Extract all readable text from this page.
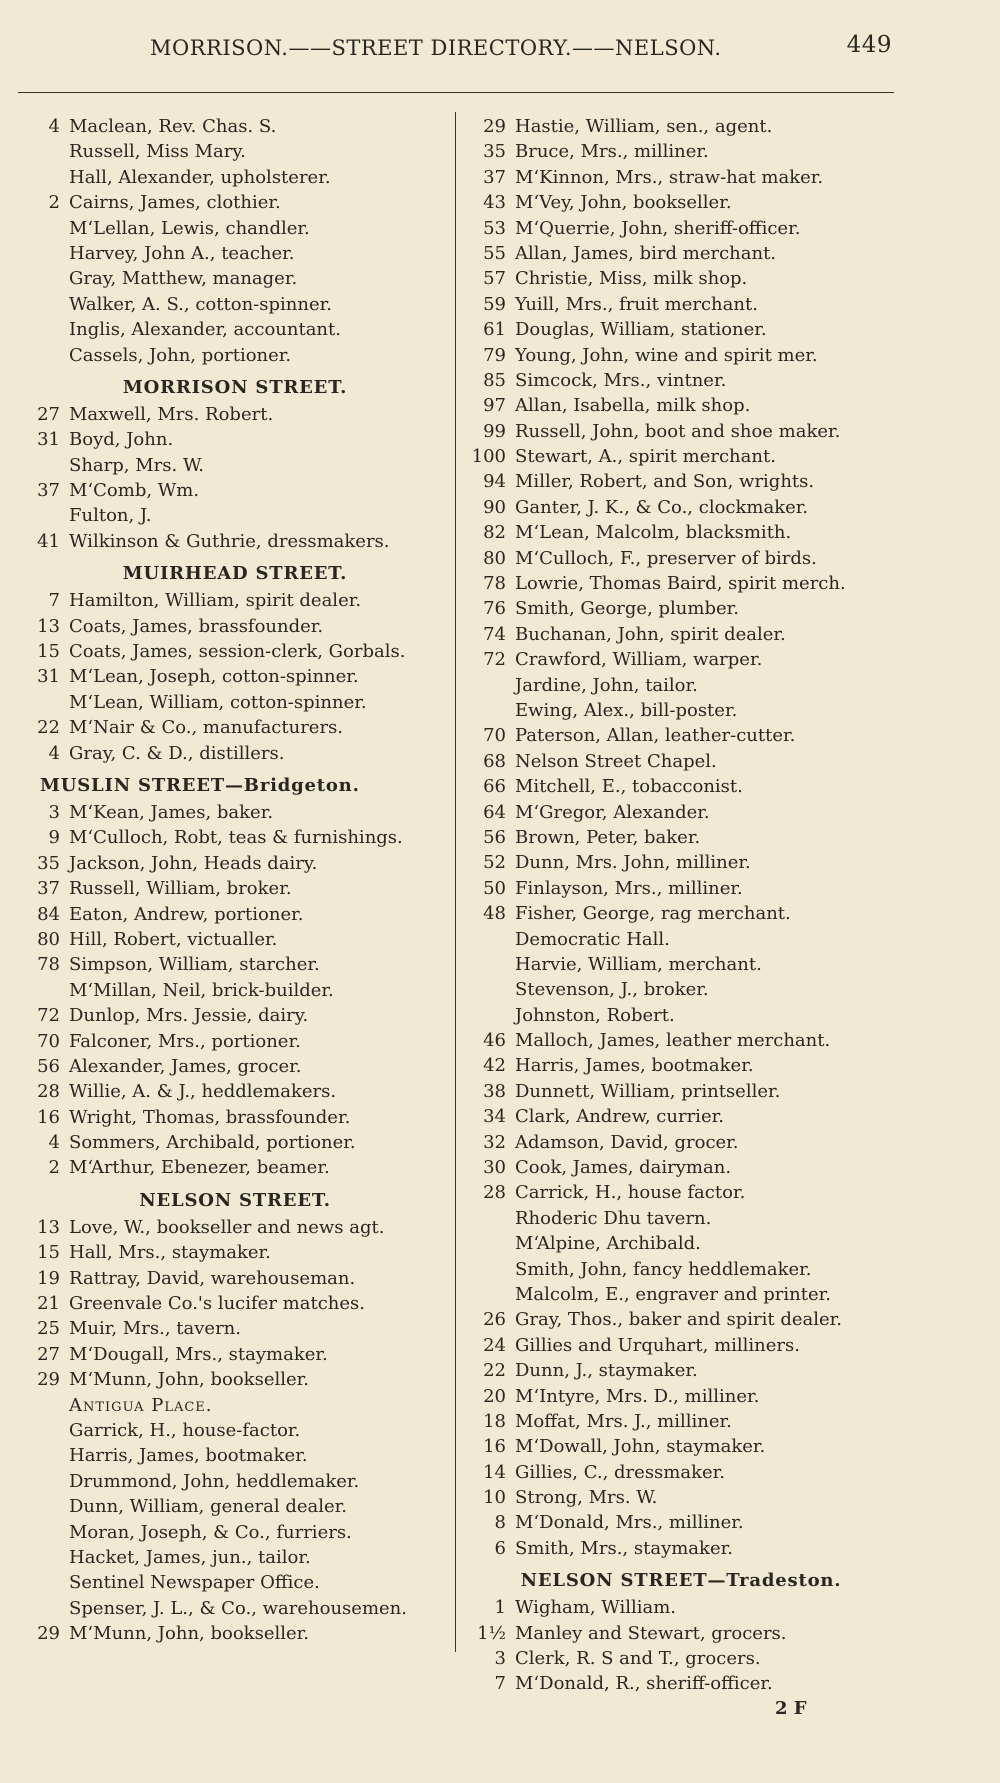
MORRISON.——STREET DIRECTORY.——NELSON.	449
4 Maclean, Rev. Chas. S.
Russell, Miss Mary.
Hall, Alexander, upholsterer.
2 Cairns, James, clothier.
M‘Lellan, Lewis, chandler.
Harvey, John A., teacher.
Gray, Matthew, manager.
Walker, A. S., cotton-spinner.
Inglis, Alexander, accountant.
Cassels, John, portioner.
MORRISON STREET.
27 Maxwell, Mrs. Robert.
31 Boyd, John.
Sharp, Mrs. W.
37 M‘Comb, Wm.
Fulton, J.
41 Wilkinson & Guthrie, dressmakers.
MUIRHEAD STREET.
7 Hamilton, William, spirit dealer.
13 Coats, James, brassfounder.
15 Coats, James, session-clerk, Gorbals.
31 M‘Lean, Joseph, cotton-spinner.
M‘Lean, William, cotton-spinner.
22 M‘Nair & Co., manufacturers.
4 Gray, C. & D., distillers.
MUSLIN STREET—Bridgeton.
3 M‘Kean, James, baker.
9 M‘Culloch, Robt, teas & furnishings.
35 Jackson, John, Heads dairy.
37 Russell, William, broker.
84 Eaton, Andrew, portioner.
80 Hill, Robert, victualler.
78 Simpson, William, starcher.
M‘Millan, Neil, brick-builder.
72 Dunlop, Mrs. Jessie, dairy.
70 Falconer, Mrs., portioner.
56 Alexander, James, grocer.
28 Willie, A. & J., heddlemakers.
16 Wright, Thomas, brassfounder.
4 Sommers, Archibald, portioner.
2 M‘Arthur, Ebenezer, beamer.
NELSON STREET.
13 Love, W., bookseller and news agt.
15 Hall, Mrs., staymaker.
19 Rattray, David, warehouseman.
21 Greenvale Co.'s lucifer matches.
25 Muir, Mrs., tavern.
27 M‘Dougall, Mrs., staymaker.
29 M‘Munn, John, bookseller.
Antigua Place.
Garrick, H., house-factor.
Harris, James, bootmaker.
Drummond, John, heddlemaker.
Dunn, William, general dealer.
Moran, Joseph, & Co., furriers.
Hacket, James, jun., tailor.
Sentinel Newspaper Office.
Spenser, J. L., & Co., warehousemen.
29 M‘Munn, John, bookseller.
29 Hastie, William, sen., agent.
35 Bruce, Mrs., milliner.
37 M‘Kinnon, Mrs., straw-hat maker.
43 M‘Vey, John, bookseller.
53 M‘Querrie, John, sheriff-officer.
55 Allan, James, bird merchant.
57 Christie, Miss, milk shop.
59 Yuill, Mrs., fruit merchant.
61 Douglas, William, stationer.
79 Young, John, wine and spirit mer.
85 Simcock, Mrs., vintner.
97 Allan, Isabella, milk shop.
99 Russell, John, boot and shoe maker.
100 Stewart, A., spirit merchant.
94 Miller, Robert, and Son, wrights.
90 Ganter, J. K., & Co., clockmaker.
82 M‘Lean, Malcolm, blacksmith.
80 M‘Culloch, F., preserver of birds.
78 Lowrie, Thomas Baird, spirit merch.
76 Smith, George, plumber.
74 Buchanan, John, spirit dealer.
72 Crawford, William, warper.
Jardine, John, tailor.
Ewing, Alex., bill-poster.
70 Paterson, Allan, leather-cutter.
68 Nelson Street Chapel.
66 Mitchell, E., tobacconist.
64 M‘Gregor, Alexander.
56 Brown, Peter, baker.
52 Dunn, Mrs. John, milliner.
50 Finlayson, Mrs., milliner.
48 Fisher, George, rag merchant.
Democratic Hall.
Harvie, William, merchant.
Stevenson, J., broker.
Johnston, Robert.
46 Malloch, James, leather merchant.
42 Harris, James, bootmaker.
38 Dunnett, William, printseller.
34 Clark, Andrew, currier.
32 Adamson, David, grocer.
30 Cook, James, dairyman.
28 Carrick, H., house factor.
Rhoderic Dhu tavern.
M‘Alpine, Archibald.
Smith, John, fancy heddlemaker.
Malcolm, E., engraver and printer.
26 Gray, Thos., baker and spirit dealer.
24 Gillies and Urquhart, milliners.
22 Dunn, J., staymaker.
20 M‘Intyre, Mrs. D., milliner.
18 Moffat, Mrs. J., milliner.
16 M‘Dowall, John, staymaker.
14 Gillies, C., dressmaker.
10 Strong, Mrs. W.
8 M‘Donald, Mrs., milliner.
6 Smith, Mrs., staymaker.
NELSON STREET—Tradeston.
1 Wigham, William.
1½ Manley and Stewart, grocers.
3 Clerk, R. S and T., grocers.
7 M‘Donald, R., sheriff-officer.
2 F
